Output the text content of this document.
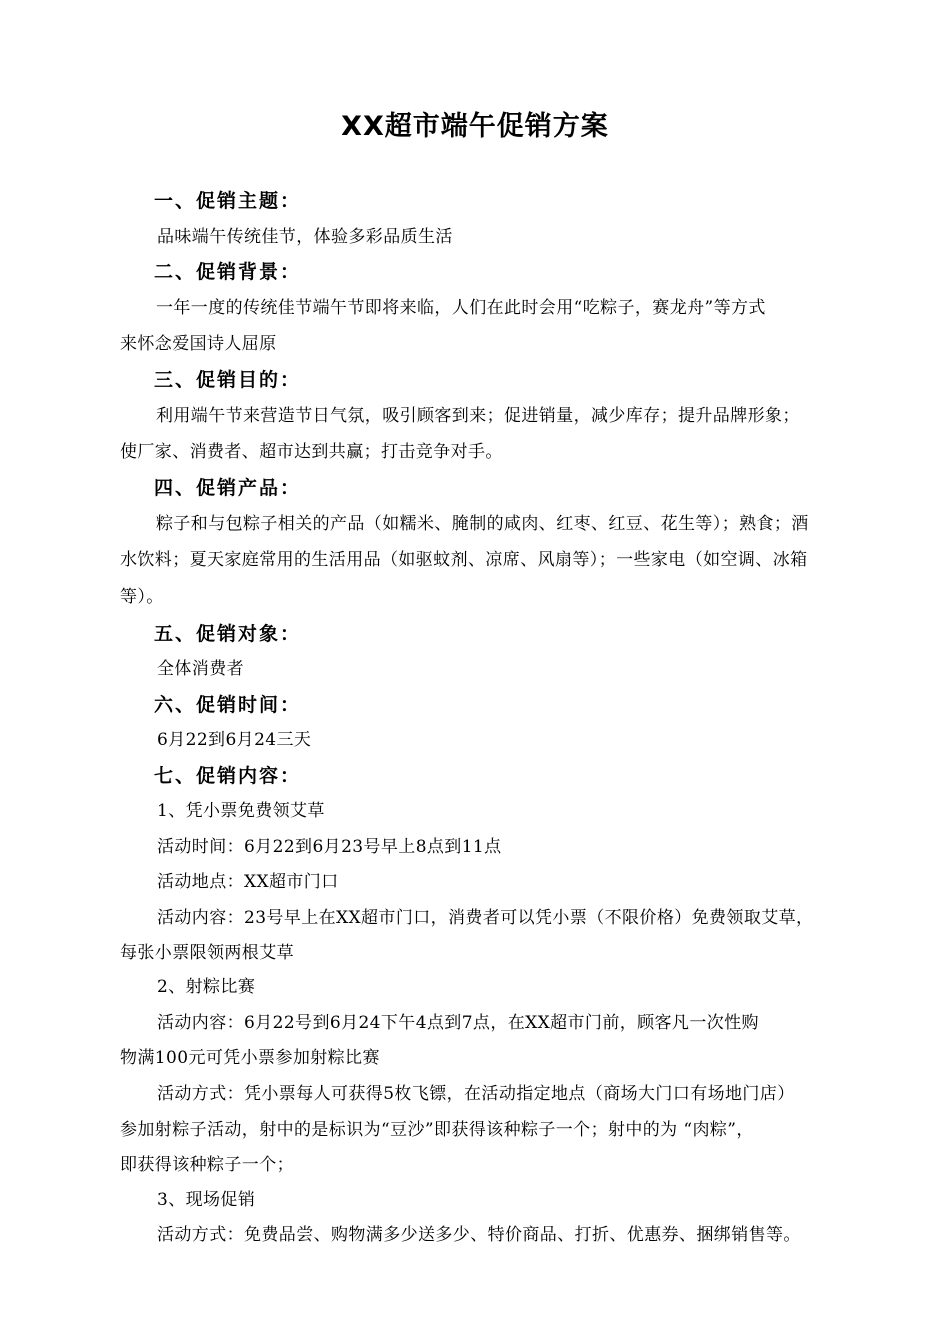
XX超市端午促销方案
一、促销主题：
品味端午传统佳节，体验多彩品质生活
二、促销背景：
一年一度的传统佳节端午节即将来临，人们在此时会用“吃粽子，赛龙舟”等方式
来怀念爱国诗人屈原
三、促销目的：
利用端午节来营造节日气氛，吸引顾客到来；促进销量，减少库存；提升品牌形象；
使厂家、消费者、超市达到共赢；打击竞争对手。
四、促销产品：
粽子和与包粽子相关的产品（如糯米、腌制的咸肉、红枣、红豆、花生等）；熟食；酒
水饮料；夏天家庭常用的生活用品（如驱蚊剂、凉席、风扇等）；一些家电（如空调、冰箱
等）。
五、促销对象：
全体消费者
六、促销时间：
6月22到6月24三天
七、促销内容：
1、凭小票免费领艾草
活动时间：6月22到6月23号早上8点到11点
活动地点：XX超市门口
活动内容：23号早上在XX超市门口，消费者可以凭小票（不限价格）免费领取艾草，
每张小票限领两根艾草
2、射粽比赛
活动内容：6月22号到6月24下午4点到7点，在XX超市门前，顾客凡一次性购
物满100元可凭小票参加射粽比赛
活动方式：凭小票每人可获得5枚飞镖，在活动指定地点（商场大门口有场地门店）
参加射粽子活动，射中的是标识为“豆沙”即获得该种粽子一个；射中的为 “肉粽”，
即获得该种粽子一个；
3、现场促销
活动方式：免费品尝、购物满多少送多少、特价商品、打折、优惠券、捆绑销售等。
